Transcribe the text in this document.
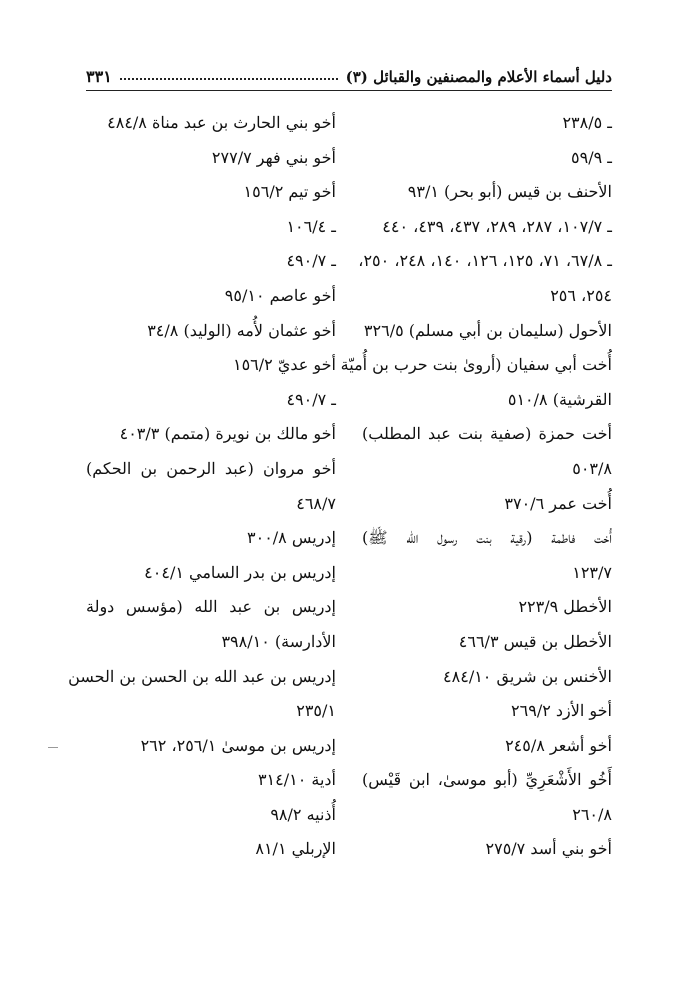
دليل أسماء الأعلام والمصنفين والقبائل (٣)
٣٣١
ـ ٢٣٨/٥
ـ ٥٩/٩
الأحنف بن قيس (أبو بحر) ٩٣/١
ـ ١٠٧/٧، ٢٨٧، ٢٨٩، ٤٣٧، ٤٣٩، ٤٤٠
ـ ٦٧/٨، ٧١، ١٢٥، ١٢٦، ١٤٠، ٢٤٨، ٢٥٠،
٢٥٤، ٢٥٦
الأحول (سليمان بن أبي مسلم) ٣٢٦/٥
أُخت أبي سفيان (أروىٰ بنت حرب بن أُميّة
القرشية) ٥١٠/٨
أخت حمزة (صفية بنت عبد المطلب)
٥٠٣/٨
أُخت عمر ٣٧٠/٦
أُخت فاطمة (رقية بنت رسول الله ﷺ)
١٢٣/٧
الأخطل ٢٢٣/٩
الأخطل بن قيس ٤٦٦/٣
الأخنس بن شريق ٤٨٤/١٠
أخو الأزد ٢٦٩/٢
أخو أشعر ٢٤٥/٨
أَخُو الأَشْعَرِيِّ (أبو موسىٰ، ابن قَيْس)
٢٦٠/٨
أخو بني أسد ٢٧٥/٧
أخو بني الحارث بن عبد مناة ٤٨٤/٨
أخو بني فهر ٢٧٧/٧
أخو تيم ١٥٦/٢
ـ ١٠٦/٤
ـ ٤٩٠/٧
أخو عاصم ٩٥/١٠
أخو عثمان لأُمه (الوليد) ٣٤/٨
أخو عديّ ١٥٦/٢
ـ ٤٩٠/٧
أخو مالك بن نويرة (متمم) ٤٠٣/٣
أخو مروان (عبد الرحمن بن الحكم)
٤٦٨/٧
إدريس ٣٠٠/٨
إدريس بن بدر السامي ٤٠٤/١
إدريس بن عبد الله (مؤسس دولة
الأدارسة) ٣٩٨/١٠
إدريس بن عبد الله بن الحسن بن الحسن
٢٣٥/١
إدريس بن موسىٰ ٢٥٦/١، ٢٦٢
أدية ٣١٤/١٠
أُذنيه ٩٨/٢
الإربلي ٨١/١
